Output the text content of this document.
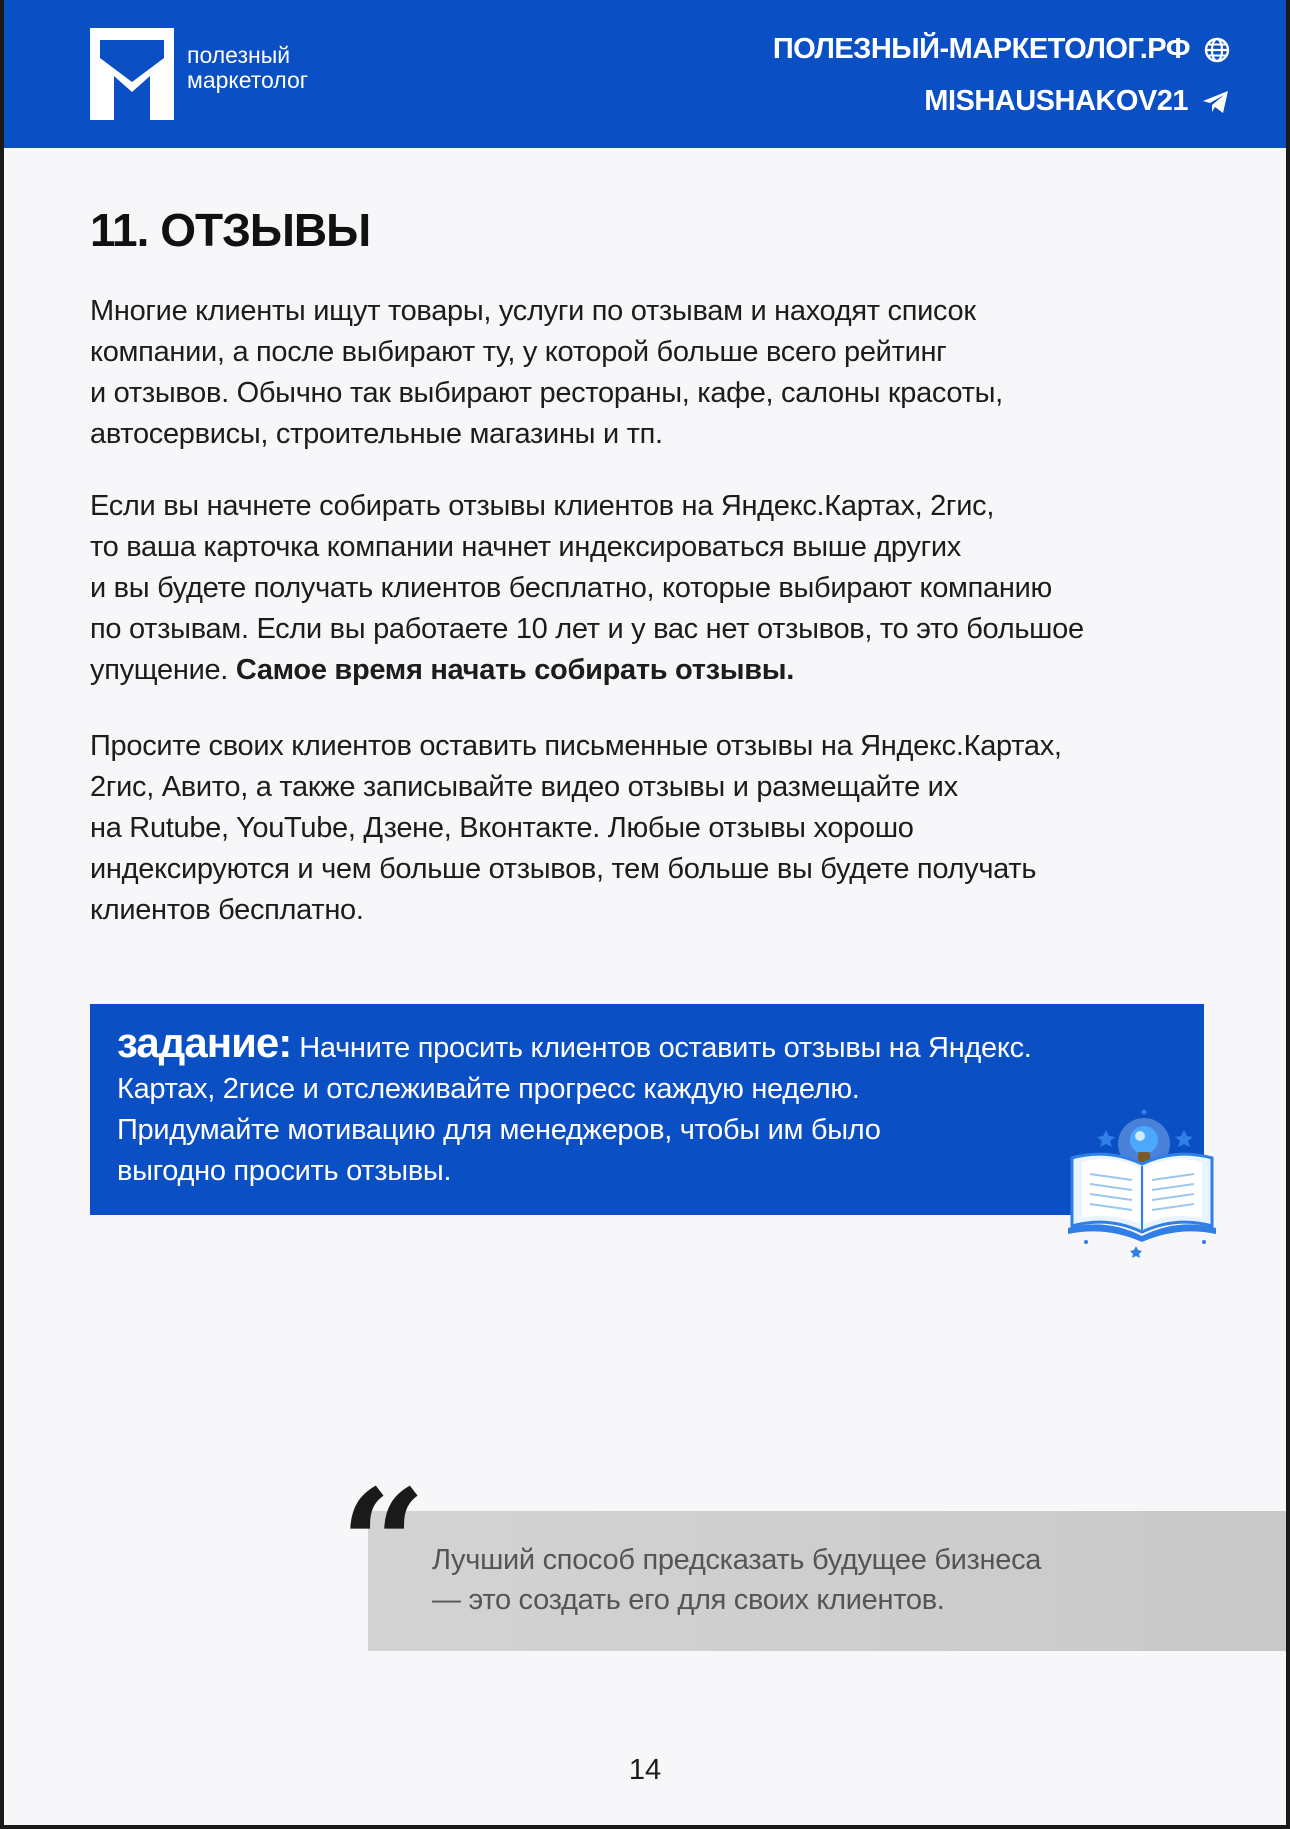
полезный
маркетолог
ПОЛЕЗНЫЙ-МАРКЕТОЛОГ.РФ
MISHAUSHAKOV21
11. ОТЗЫВЫ

Многие клиенты ищут товары, услуги по отзывам и находят список
компании, а после выбирают ту, у которой больше всего рейтинг
и отзывов. Обычно так выбирают рестораны, кафе, салоны красоты,
автосервисы, строительные магазины и тп.

Если вы начнете собирать отзывы клиентов на Яндекс.Картах, 2гис,
то ваша карточка компании начнет индексироваться выше других
и вы будете получать клиентов бесплатно, которые выбирают компанию
по отзывам. Если вы работаете 10 лет и у вас нет отзывов, то это большое
упущение. Самое время начать собирать отзывы.

Просите своих клиентов оставить письменные отзывы на Яндекс.Картах,
2гис, Авито, а также записывайте видео отзывы и размещайте их
на Rutube, YouTube, Дзене, Вконтакте. Любые отзывы хорошо
индексируются и чем больше отзывов, тем больше вы будете получать
клиентов бесплатно.

задание: Начните просить клиентов оставить отзывы на Яндекс.
Картах, 2гисе и отслеживайте прогресс каждую неделю.
Придумайте мотивацию для менеджеров, чтобы им было
выгодно просить отзывы.
Лучший способ предсказать будущее бизнеса
— это создать его для своих клиентов.
“
14
